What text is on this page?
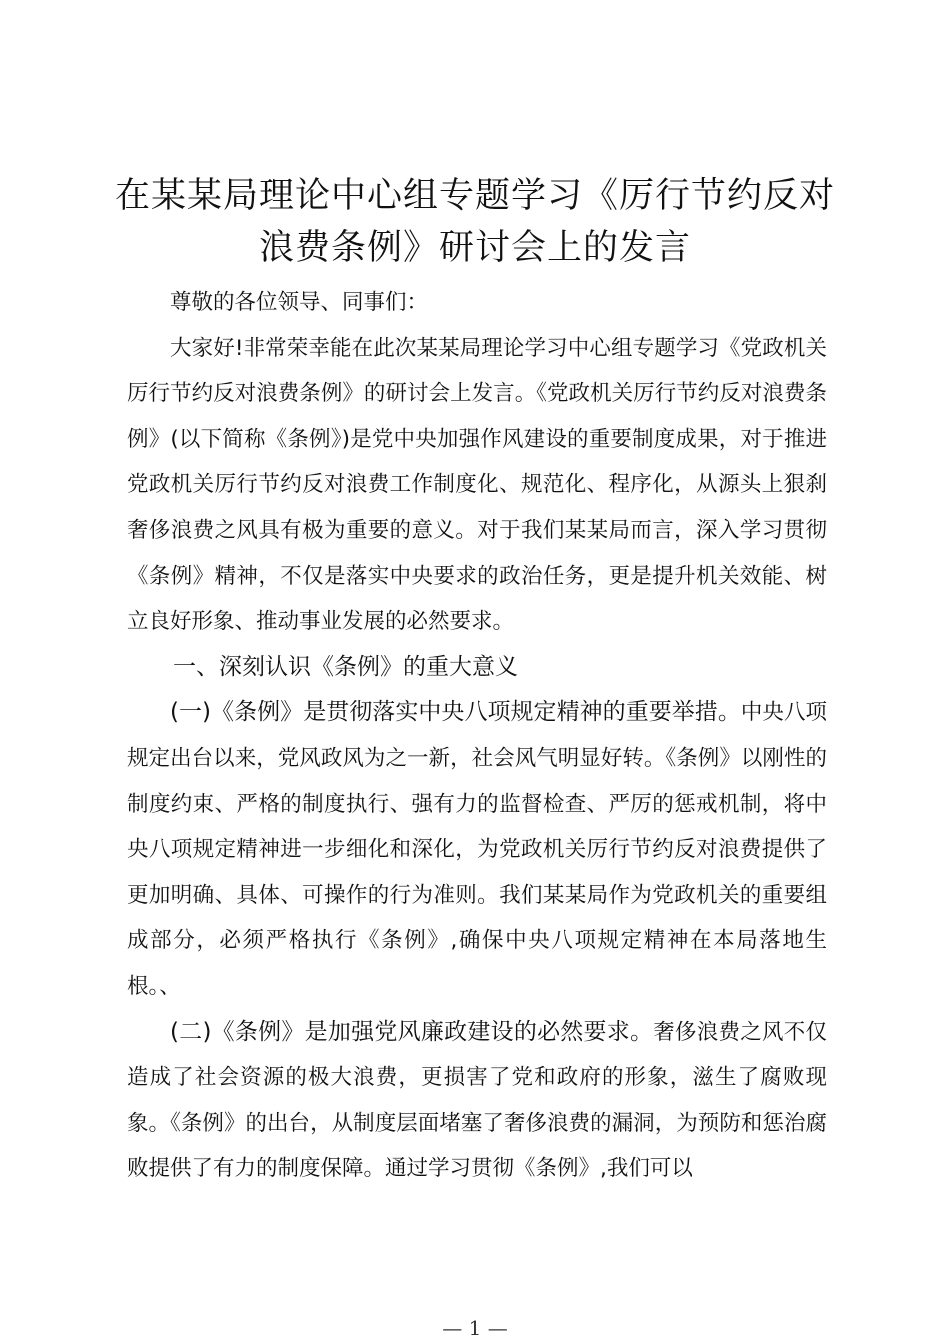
在某某局理论中心组专题学习《厉行节约反对
浪费条例》研讨会上的发言

尊敬的各位领导、同事们：

大家好!非常荣幸能在此次某某局理论学习中心组专题学习《党政机关厉行节约反对浪费条例》的研讨会上发言。《党政机关厉行节约反对浪费条例》(以下简称《条例》)是党中央加强作风建设的重要制度成果，对于推进党政机关厉行节约反对浪费工作制度化、规范化、程序化，从源头上狠刹奢侈浪费之风具有极为重要的意义。对于我们某某局而言，深入学习贯彻《条例》精神，不仅是落实中央要求的政治任务，更是提升机关效能、树立良好形象、推动事业发展的必然要求。

一、深刻认识《条例》的重大意义

(一)《条例》是贯彻落实中央八项规定精神的重要举措。中央八项规定出台以来，党风政风为之一新，社会风气明显好转。《条例》以刚性的制度约束、严格的制度执行、强有力的监督检查、严厉的惩戒机制，将中央八项规定精神进一步细化和深化，为党政机关厉行节约反对浪费提供了更加明确、具体、可操作的行为准则。我们某某局作为党政机关的重要组成部分，必须严格执行《条例》,确保中央八项规定精神在本局落地生根。、

(二)《条例》是加强党风廉政建设的必然要求。奢侈浪费之风不仅造成了社会资源的极大浪费，更损害了党和政府的形象，滋生了腐败现象。《条例》的出台，从制度层面堵塞了奢侈浪费的漏洞，为预防和惩治腐败提供了有力的制度保障。通过学习贯彻《条例》,我们可以

— 1 —
